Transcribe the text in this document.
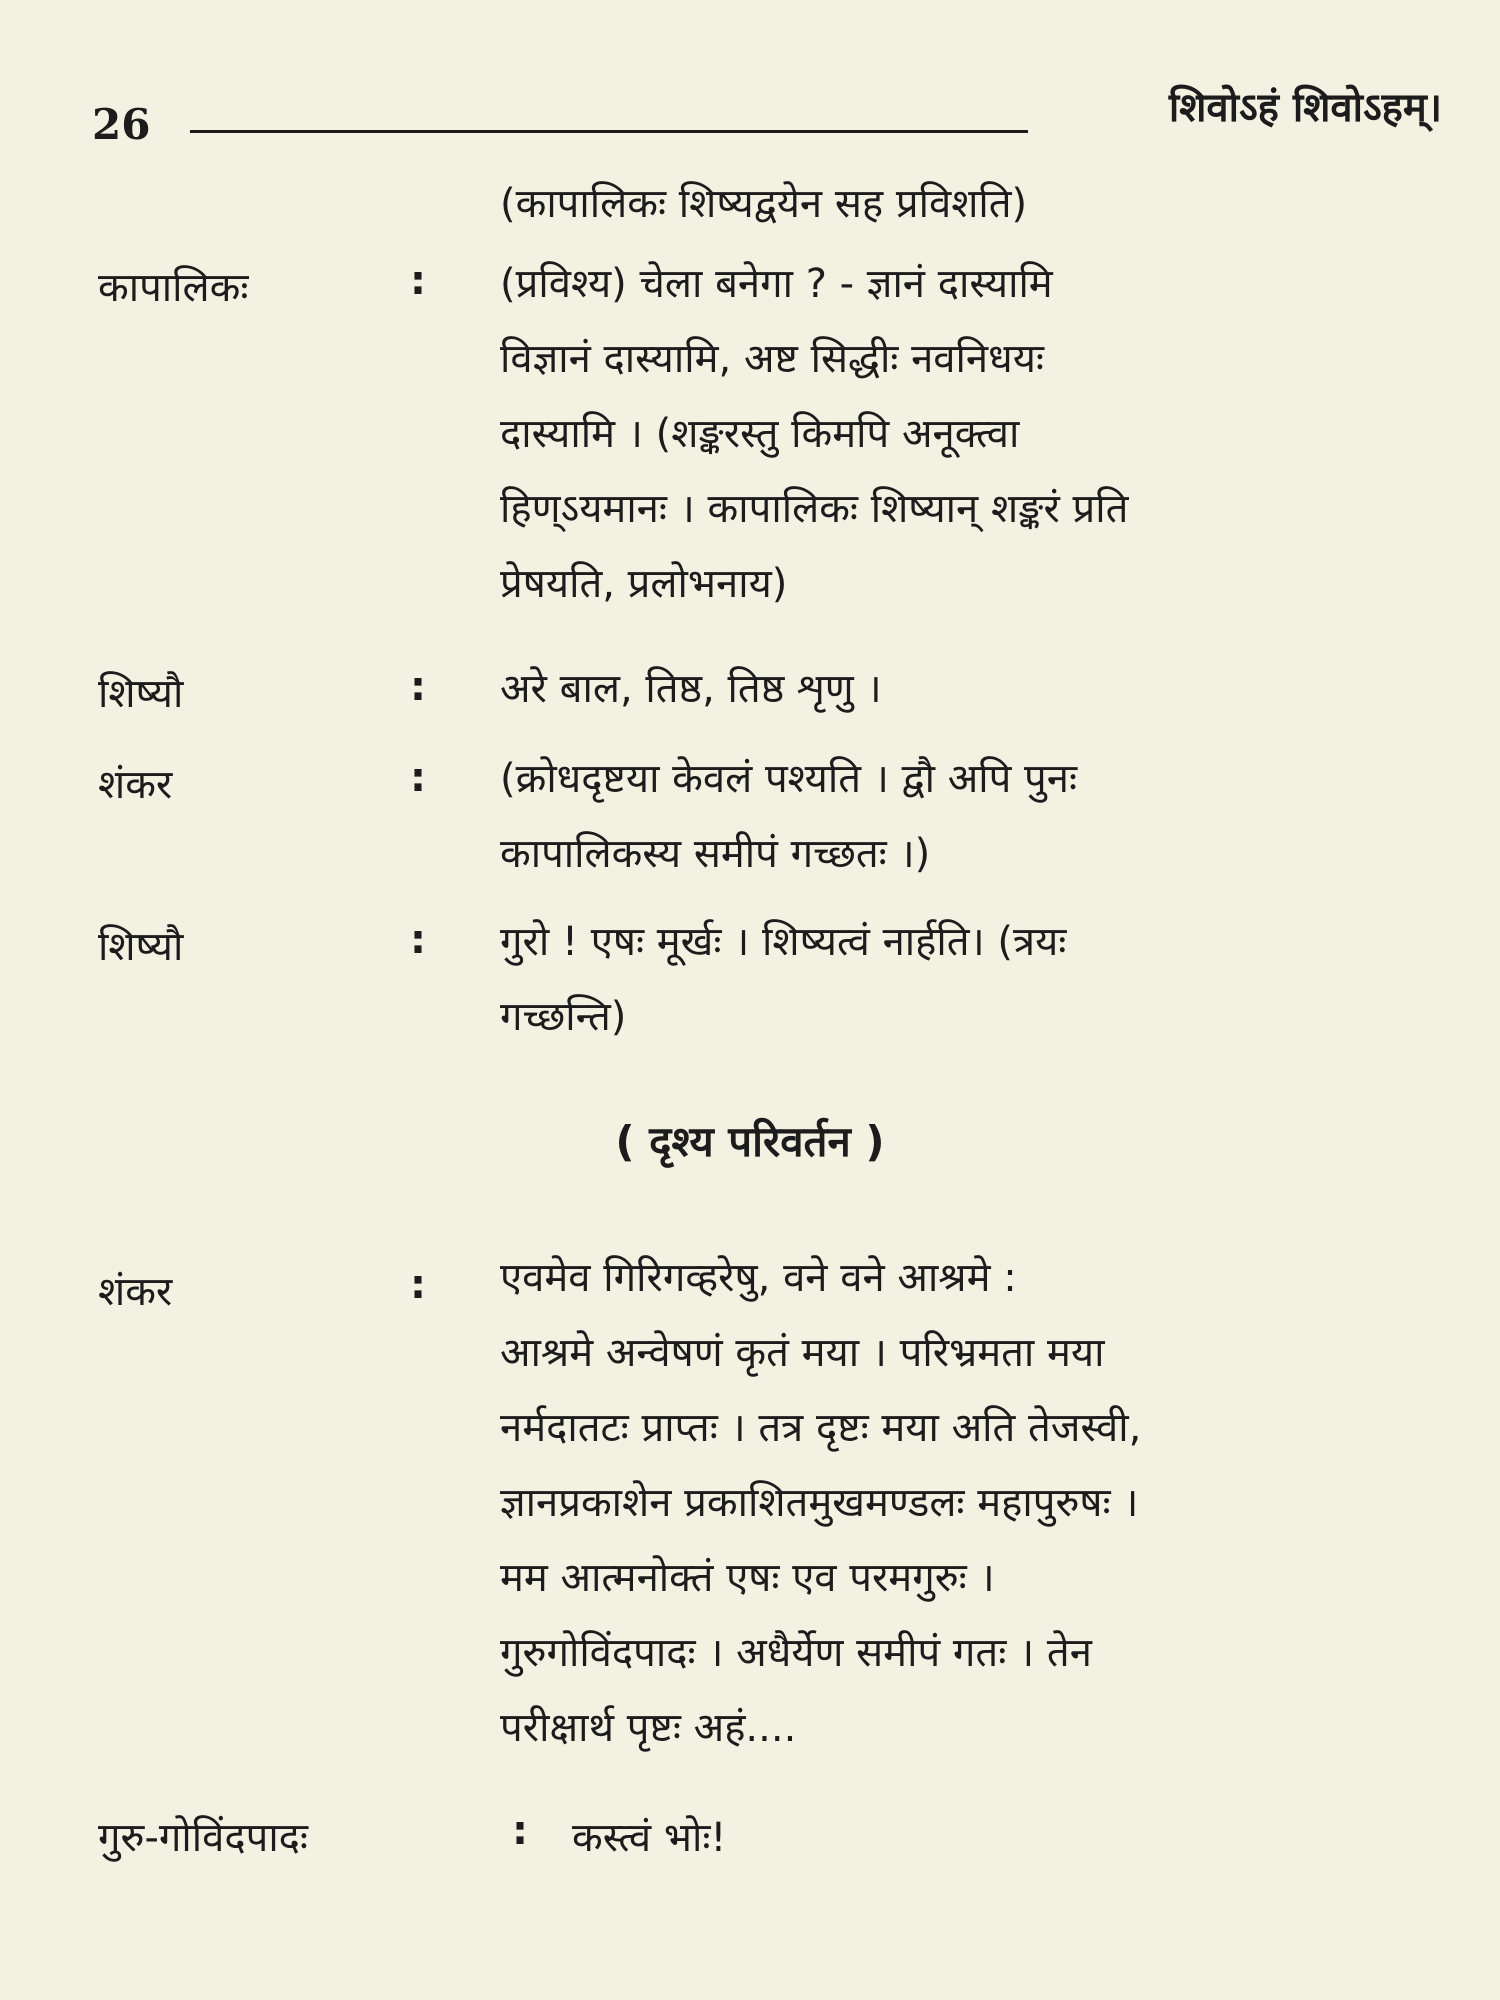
26	शिवोऽहं शिवोऽहम्।
(कापालिकः शिष्यद्वयेन सह प्रविशति)
कापालिकः	: (प्रविश्य) चेला बनेगा ? - ज्ञानं दास्यामि
विज्ञानं दास्यामि, अष्ट सिद्धीः नवनिधयः
दास्यामि । (शङ्करस्तु किमपि अनूक्त्वा
हिण्ऽयमानः । कापालिकः शिष्यान् शङ्करं प्रति
प्रेषयति, प्रलोभनाय)
शिष्यौ	: अरे बाल, तिष्ठ, तिष्ठ शृणु ।
शंकर	: (क्रोधदृष्टया केवलं पश्यति । द्वौ अपि पुनः
कापालिकस्य समीपं गच्छतः ।)
शिष्यौ	: गुरो ! एषः मूर्खः । शिष्यत्वं नार्हति। (त्रयः
गच्छन्ति)
( दृश्य परिवर्तन )
शंकर	: एवमेव गिरिगव्हरेषु, वने वने आश्रमे :
आश्रमे अन्वेषणं कृतं मया । परिभ्रमता मया
नर्मदातटः प्राप्तः । तत्र दृष्टः मया अति तेजस्वी,
ज्ञानप्रकाशेन प्रकाशितमुखमण्डलः महापुरुषः ।
मम आत्मनोक्तं एषः एव परमगुरुः ।
गुरुगोविंदपादः । अधैर्येण समीपं गतः । तेन
परीक्षार्थ पृष्टः अहं....
गुरु-गोविंदपादः	: कस्त्वं भोः!
